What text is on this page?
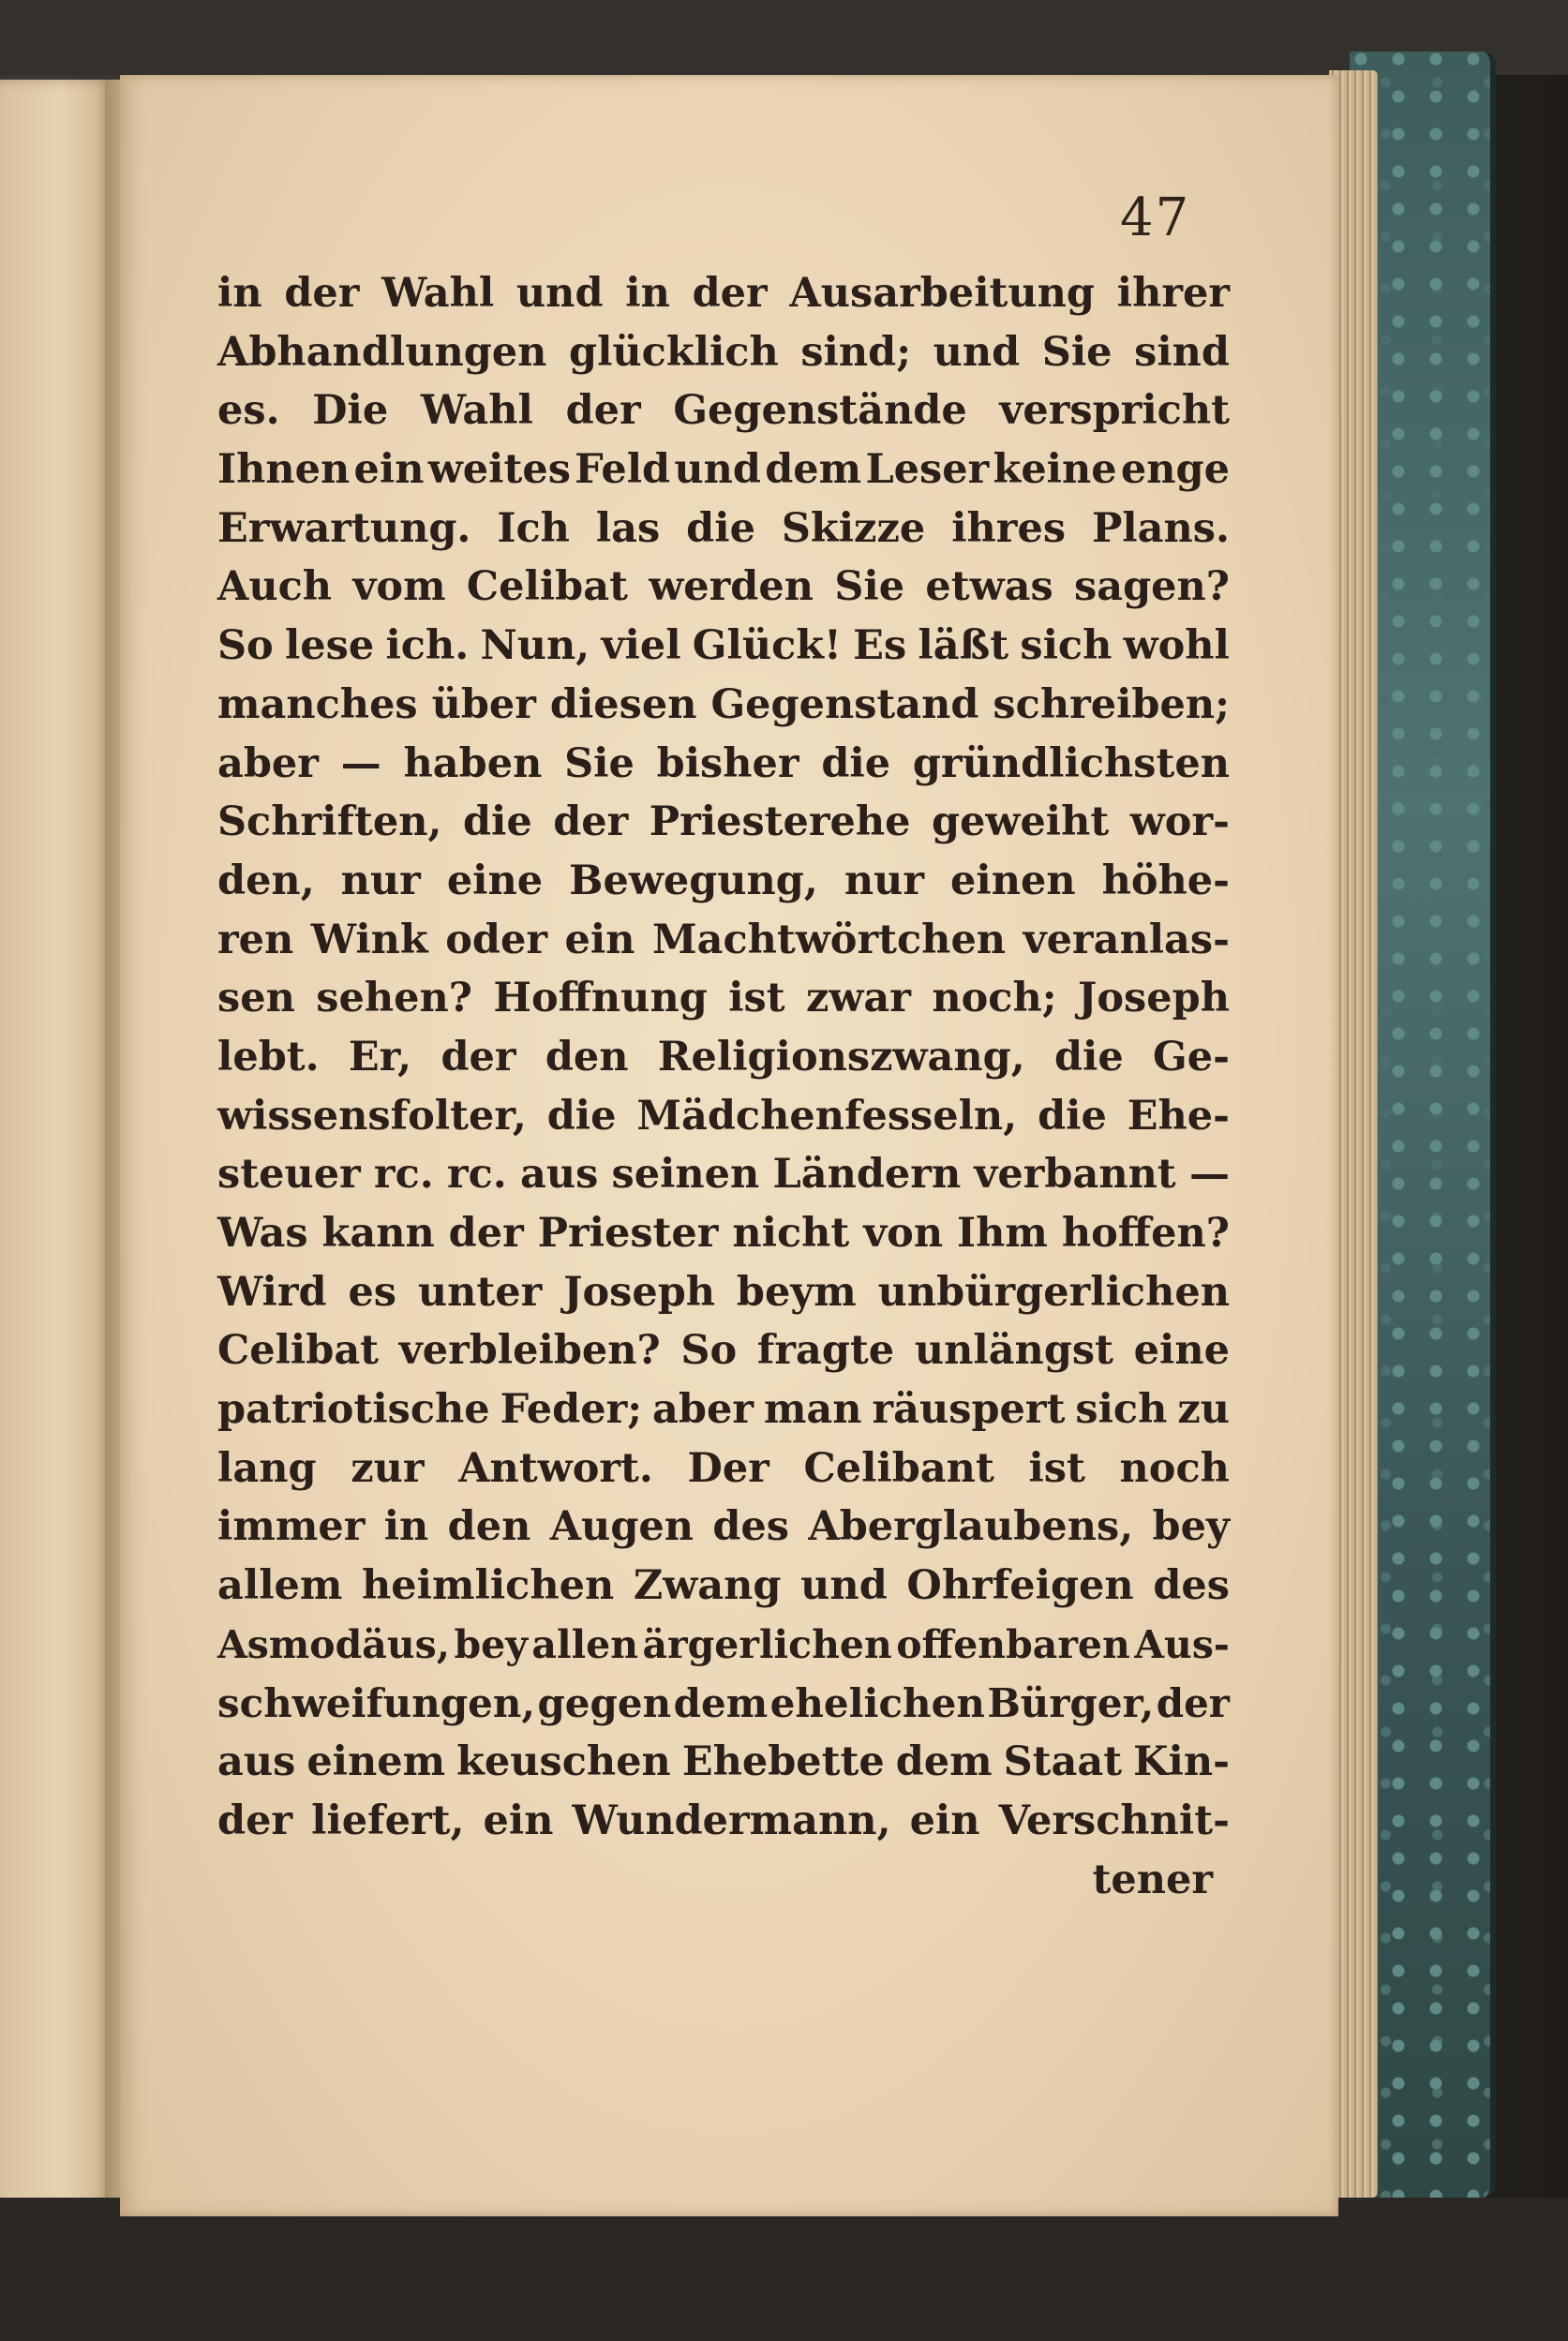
47
in der Wahl und in der Ausarbeitung ihrer
Abhandlungen glücklich sind; und Sie sind
es. Die Wahl der Gegenstände verspricht
Ihnen ein weites Feld und dem Leser keine enge
Erwartung. Ich las die Skizze ihres Plans.
Auch vom Celibat werden Sie etwas sagen?
So lese ich. Nun, viel Glück! Es läßt sich wohl
manches über diesen Gegenstand schreiben;
aber — haben Sie bisher die gründlichsten
Schriften, die der Priesterehe geweiht wor-
den, nur eine Bewegung, nur einen höhe-
ren Wink oder ein Machtwörtchen veranlas-
sen sehen? Hoffnung ist zwar noch; Joseph
lebt. Er, der den Religionszwang, die Ge-
wissensfolter, die Mädchenfesseln, die Ehe-
steuer rc. rc. aus seinen Ländern verbannt —
Was kann der Priester nicht von Ihm hoffen?
Wird es unter Joseph beym unbürgerlichen
Celibat verbleiben? So fragte unlängst eine
patriotische Feder; aber man räuspert sich zu
lang zur Antwort. Der Celibant ist noch
immer in den Augen des Aberglaubens, bey
allem heimlichen Zwang und Ohrfeigen des
Asmodäus, bey allen ärgerlichen offenbaren Aus-
schweifungen, gegen dem ehelichen Bürger, der
aus einem keuschen Ehebette dem Staat Kin-
der liefert, ein Wundermann, ein Verschnit-
tener
